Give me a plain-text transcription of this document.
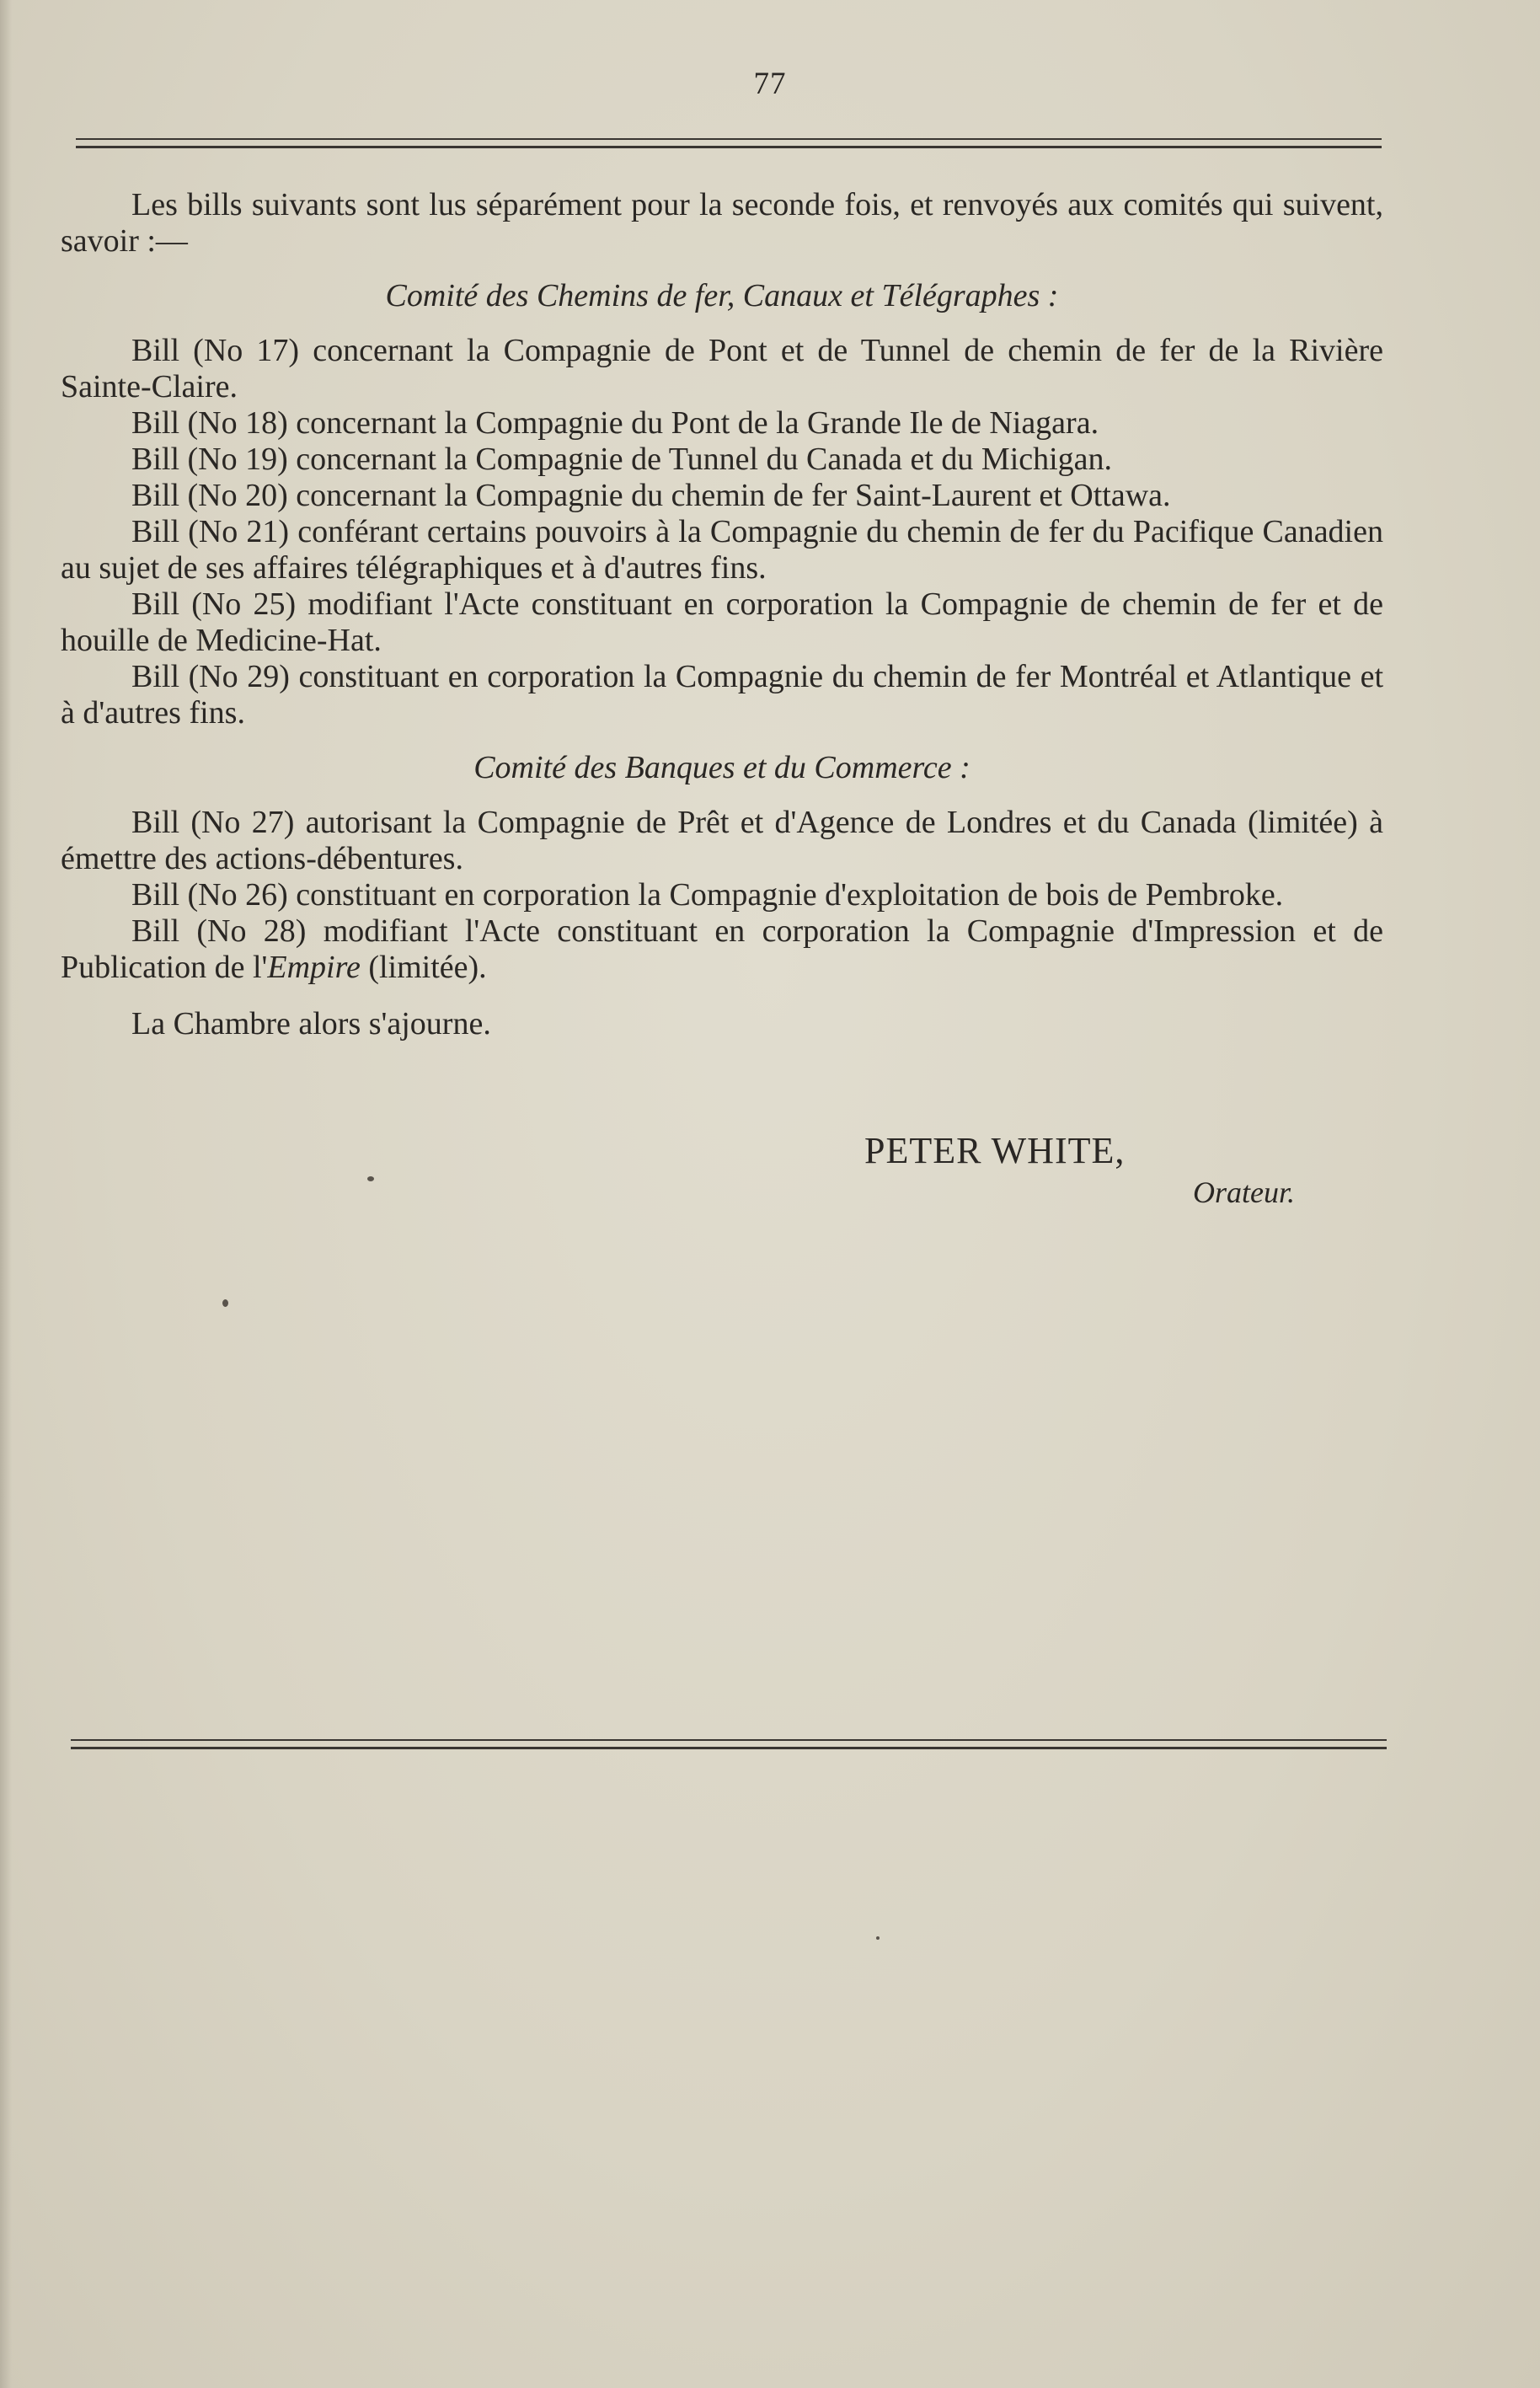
77

Les bills suivants sont lus séparément pour la seconde fois, et renvoyés aux comités qui suivent, savoir :—

Comité des Chemins de fer, Canaux et Télégraphes :

Bill (No 17) concernant la Compagnie de Pont et de Tunnel de chemin de fer de la Rivière Sainte-Claire.

Bill (No 18) concernant la Compagnie du Pont de la Grande Ile de Niagara.

Bill (No 19) concernant la Compagnie de Tunnel du Canada et du Michigan.

Bill (No 20) concernant la Compagnie du chemin de fer Saint-Laurent et Ottawa.

Bill (No 21) conférant certains pouvoirs à la Compagnie du chemin de fer du Pacifique Canadien au sujet de ses affaires télégraphiques et à d'autres fins.

Bill (No 25) modifiant l'Acte constituant en corporation la Compagnie de chemin de fer et de houille de Medicine-Hat.

Bill (No 29) constituant en corporation la Compagnie du chemin de fer Montréal et Atlantique et à d'autres fins.

Comité des Banques et du Commerce :

Bill (No 27) autorisant la Compagnie de Prêt et d'Agence de Londres et du Canada (limitée) à émettre des actions-débentures.

Bill (No 26) constituant en corporation la Compagnie d'exploitation de bois de Pembroke.

Bill (No 28) modifiant l'Acte constituant en corporation la Compagnie d'Impression et de Publication de l'Empire (limitée).

La Chambre alors s'ajourne.

PETER WHITE,
Orateur.
